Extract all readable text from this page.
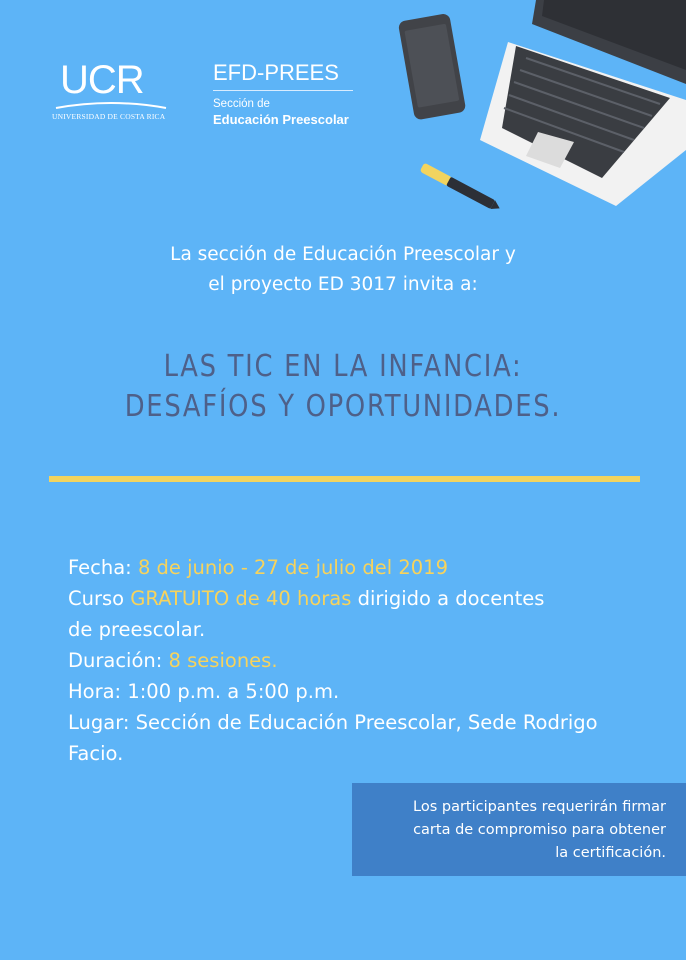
UCR
UNIVERSIDAD DE COSTA RICA
EFD-PREES
Sección de
Educación Preescolar
La sección de Educación Preescolar y
el proyecto ED 3017 invita a:
LAS TIC EN LA INFANCIA:
DESAFÍOS Y OPORTUNIDADES.
Fecha: 8 de junio - 27 de julio del 2019
Curso GRATUITO de 40 horas dirigido a docentes
de preescolar.
Duración: 8 sesiones.
Hora: 1:00 p.m. a 5:00 p.m.
Lugar: Sección de Educación Preescolar, Sede Rodrigo
Facio.
Los participantes requerirán firmar
carta de compromiso para obtener
la certificación.
